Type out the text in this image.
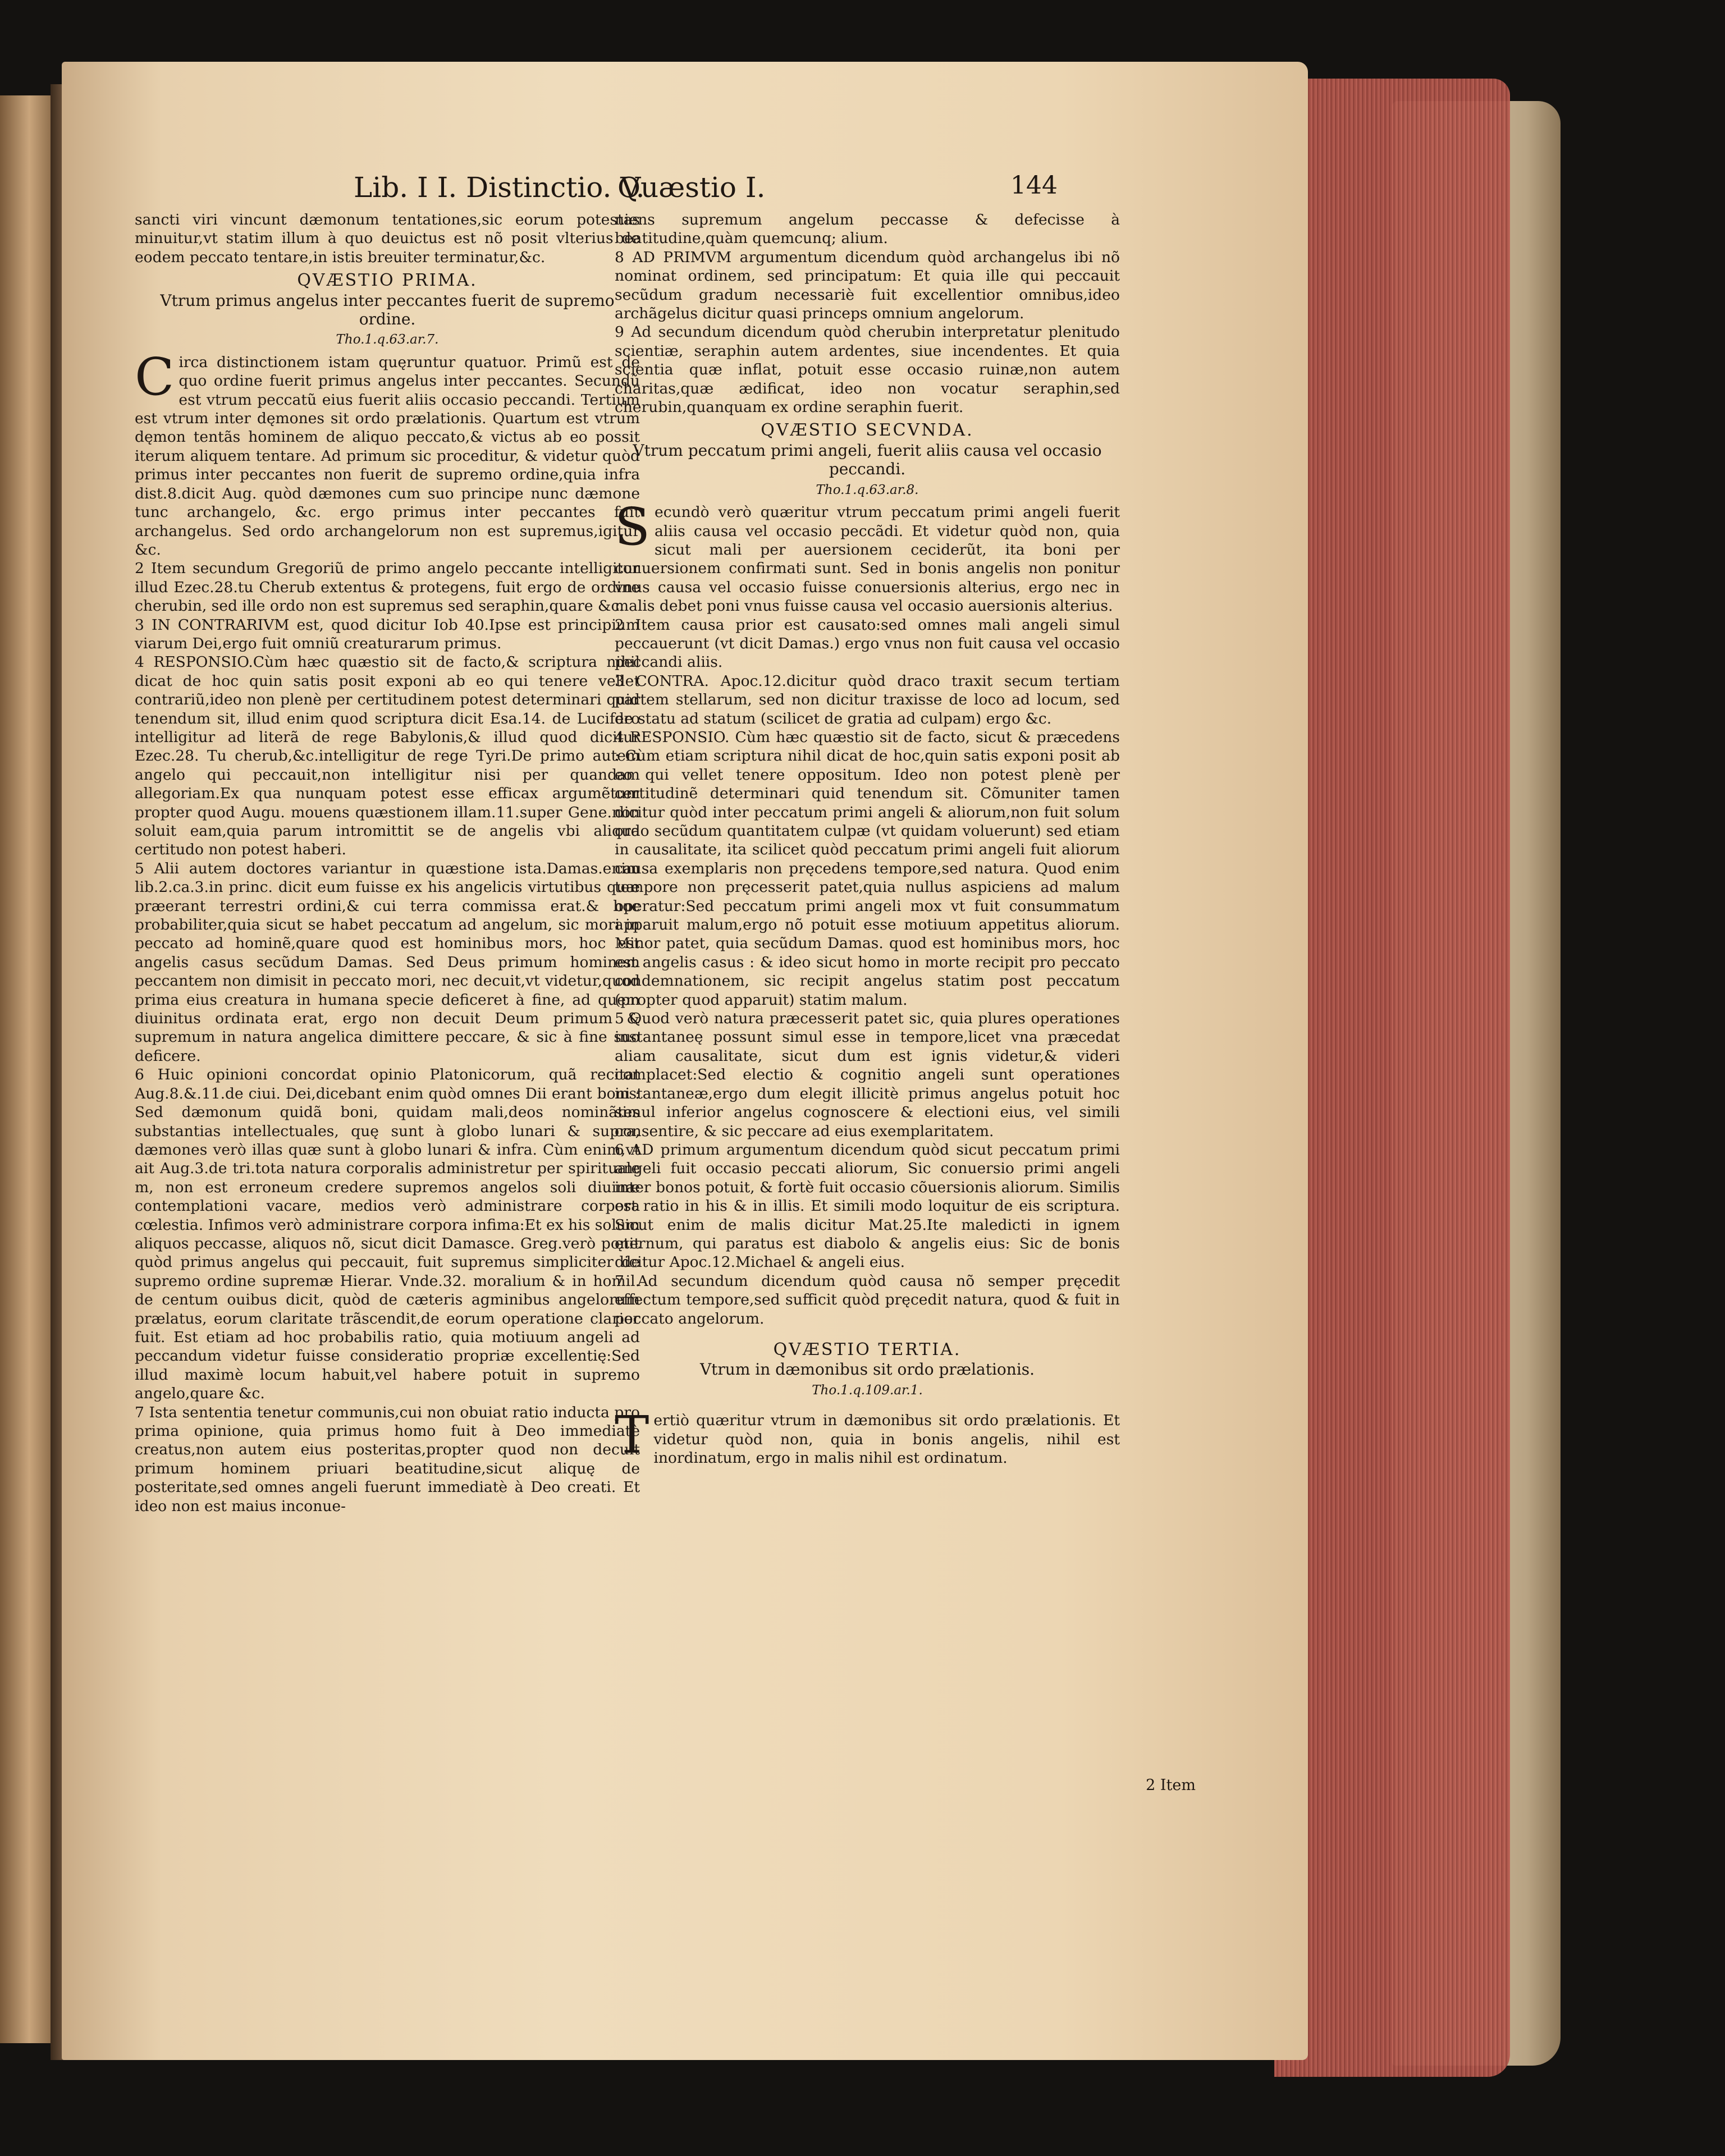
Lib. I I. Distinctio. V.
Quæstio I.	144

sancti viri vincunt dæmonum tentationes,sic eorum potestas minuitur,vt statim illum à quo deuictus est nõ posit vlterius de eodem peccato tentare,in istis breuiter terminatur,&c.

QVÆSTIO PRIMA.

Vtrum primus angelus inter peccantes fuerit de supremo ordine.

Tho.1.q.63.ar.7.

Circa distinctionem istam quęruntur quatuor. Primũ est de quo ordine fuerit primus angelus inter peccantes. Secundũ est vtrum peccatũ eius fuerit aliis occasio peccandi. Tertium est vtrum inter dęmones sit ordo prælationis. Quartum est vtrum dęmon tentãs hominem de aliquo peccato,& victus ab eo possit iterum aliquem tentare. Ad primum sic proceditur, & videtur quòd primus inter peccantes non fuerit de supremo ordine,quia infra dist.8.dicit Aug. quòd dæmones cum suo principe nunc dæmone tunc archangelo, &c. ergo primus inter peccantes fuit archangelus. Sed ordo archangelorum non est supremus,igitur &c.

2 Item secundum Gregoriũ de primo angelo peccante intelligitur illud Ezec.28.tu Cherub extentus & protegens, fuit ergo de ordine cherubin, sed ille ordo non est supremus sed seraphin,quare &c.

3 IN CONTRARIVM est, quod dicitur Iob 40.Ipse est principium viarum Dei,ergo fuit omniũ creaturarum primus.

4 RESPONSIO.Cùm hæc quæstio sit de facto,& scriptura nihil dicat de hoc quin satis posit exponi ab eo qui tenere vellet contrariũ,ideo non plenè per certitudinem potest determinari quid tenendum sit, illud enim quod scriptura dicit Esa.14. de Lucifero intelligitur ad literã de rege Babylonis,& illud quod dicitur Ezec.28. Tu cherub,&c.intelligitur de rege Tyri.De primo autem angelo qui peccauit,non intelligitur nisi per quandam allegoriam.Ex qua nunquam potest esse efficax argumẽtum propter quod Augu. mouens quæstionem illam.11.super Gene.non soluit eam,quia parum intromittit se de angelis vbi aliqua certitudo non potest haberi.

5 Alii autem doctores variantur in quæstione ista.Damas.enim lib.2.ca.3.in princ. dicit eum fuisse ex his angelicis virtutibus quæ præerant terrestri ordini,& cui terra commissa erat.& hoc probabiliter,quia sicut se habet peccatum ad angelum, sic mori in peccato ad hominẽ,quare quod est hominibus mors, hoc est angelis casus secũdum Damas. Sed Deus primum hominem peccantem non dimisit in peccato mori, nec decuit,vt videtur,quod prima eius creatura in humana specie deficeret à fine, ad quem diuinitus ordinata erat, ergo non decuit Deum primum & supremum in natura angelica dimittere peccare, & sic à fine suo deficere.

6 Huic opinioni concordat opinio Platonicorum, quã recitat Aug.8.&.11.de ciui. Dei,dicebant enim quòd omnes Dii erant boni : Sed dæmonum quidã boni, quidam mali,deos nominãtes substantias intellectuales, quę sunt à globo lunari & supra, dæmones verò illas quæ sunt à globo lunari & infra. Cùm enim,vt ait Aug.3.de tri.tota natura corporalis administretur per spirituale m, non est erroneum credere supremos angelos soli diuinæ contemplationi vacare, medios verò administrare corpora cœlestia. Infimos verò administrare corpora infima:Et ex his solum aliquos peccasse, aliquos nõ, sicut dicit Damasce. Greg.verò ponit quòd primus angelus qui peccauit, fuit supremus simpliciter de supremo ordine supremæ Hierar. Vnde.32. moralium & in homil. de centum ouibus dicit, quòd de cæteris agminibus angelorum prælatus, eorum claritate trãscendit,de eorum operatione clarior fuit. Est etiam ad hoc probabilis ratio, quia motiuum angeli ad peccandum videtur fuisse consideratio propriæ excellentię:Sed illud maximè locum habuit,vel habere potuit in supremo angelo,quare &c.

7 Ista sententia tenetur communis,cui non obuiat ratio inducta pro prima opinione, quia primus homo fuit à Deo immediatè creatus,non autem eius posteritas,propter quod non decuit primum hominem priuari beatitudine,sicut aliquę de posteritate,sed omnes angeli fuerunt immediatè à Deo creati. Et ideo non est maius inconue-

niens supremum angelum peccasse & defecisse à beatitudine,quàm quemcunq; alium.

8 AD PRIMVM argumentum dicendum quòd archangelus ibi nõ nominat ordinem, sed principatum: Et quia ille qui peccauit secũdum gradum necessariè fuit excellentior omnibus,ideo archãgelus dicitur quasi princeps omnium angelorum.

9 Ad secundum dicendum quòd cherubin interpretatur plenitudo scientiæ, seraphin autem ardentes, siue incendentes. Et quia scientia quæ inflat, potuit esse occasio ruinæ,non autem charitas,quæ ædificat, ideo non vocatur seraphin,sed cherubin,quanquam ex ordine seraphin fuerit.

QVÆSTIO SECVNDA.

Vtrum peccatum primi angeli, fuerit aliis causa vel occasio peccandi.

Tho.1.q.63.ar.8.

Secundò verò quæritur vtrum peccatum primi angeli fuerit aliis causa vel occasio peccãdi. Et videtur quòd non, quia sicut mali per auersionem ceciderũt, ita boni per conuersionem confirmati sunt. Sed in bonis angelis non ponitur vnus causa vel occasio fuisse conuersionis alterius, ergo nec in malis debet poni vnus fuisse causa vel occasio auersionis alterius.

2 Item causa prior est causato:sed omnes mali angeli simul peccauerunt (vt dicit Damas.) ergo vnus non fuit causa vel occasio peccandi aliis.

3 CONTRA. Apoc.12.dicitur quòd draco traxit secum tertiam partem stellarum, sed non dicitur traxisse de loco ad locum, sed de statu ad statum (scilicet de gratia ad culpam) ergo &c.

4 RESPONSIO. Cùm hæc quæstio sit de facto, sicut & præcedens : Cùm etiam scriptura nihil dicat de hoc,quin satis exponi posit ab eo qui vellet tenere oppositum. Ideo non potest plenè per certitudinẽ determinari quid tenendum sit. Cõmuniter tamen dicitur quòd inter peccatum primi angeli & aliorum,non fuit solum ordo secũdum quantitatem culpæ (vt quidam voluerunt) sed etiam in causalitate, ita scilicet quòd peccatum primi angeli fuit aliorum causa exemplaris non pręcedens tempore,sed natura. Quod enim tempore non pręcesserit patet,quia nullus aspiciens ad malum operatur:Sed peccatum primi angeli mox vt fuit consummatum apparuit malum,ergo nõ potuit esse motiuum appetitus aliorum. Minor patet, quia secũdum Damas. quod est hominibus mors, hoc est angelis casus : & ideo sicut homo in morte recipit pro peccato condemnationem, sic recipit angelus statim post peccatum (propter quod apparuit) statim malum.

5 Quod verò natura præcesserit patet sic, quia plures operationes instantaneę possunt simul esse in tempore,licet vna præcedat aliam causalitate, sicut dum est ignis videtur,& videri complacet:Sed electio & cognitio angeli sunt operationes instantaneæ,ergo dum elegit illicitè primus angelus potuit hoc simul inferior angelus cognoscere & electioni eius, vel simili consentire, & sic peccare ad eius exemplaritatem.

6 AD primum argumentum dicendum quòd sicut peccatum primi angeli fuit occasio peccati aliorum, Sic conuersio primi angeli inter bonos potuit, & fortè fuit occasio cõuersionis aliorum. Similis est ratio in his & in illis. Et simili modo loquitur de eis scriptura. Sicut enim de malis dicitur Mat.25.Ite maledicti in ignem ęternum, qui paratus est diabolo & angelis eius: Sic de bonis dicitur Apoc.12.Michael & angeli eius.

7 Ad secundum dicendum quòd causa nõ semper pręcedit effectum tempore,sed sufficit quòd pręcedit natura, quod & fuit in peccato angelorum.

QVÆSTIO TERTIA.

Vtrum in dæmonibus sit ordo prælationis.

Tho.1.q.109.ar.1.

Tertiò quæritur vtrum in dæmonibus sit ordo prælationis. Et videtur quòd non, quia in bonis angelis, nihil est inordinatum, ergo in malis nihil est ordinatum.

2 Item
